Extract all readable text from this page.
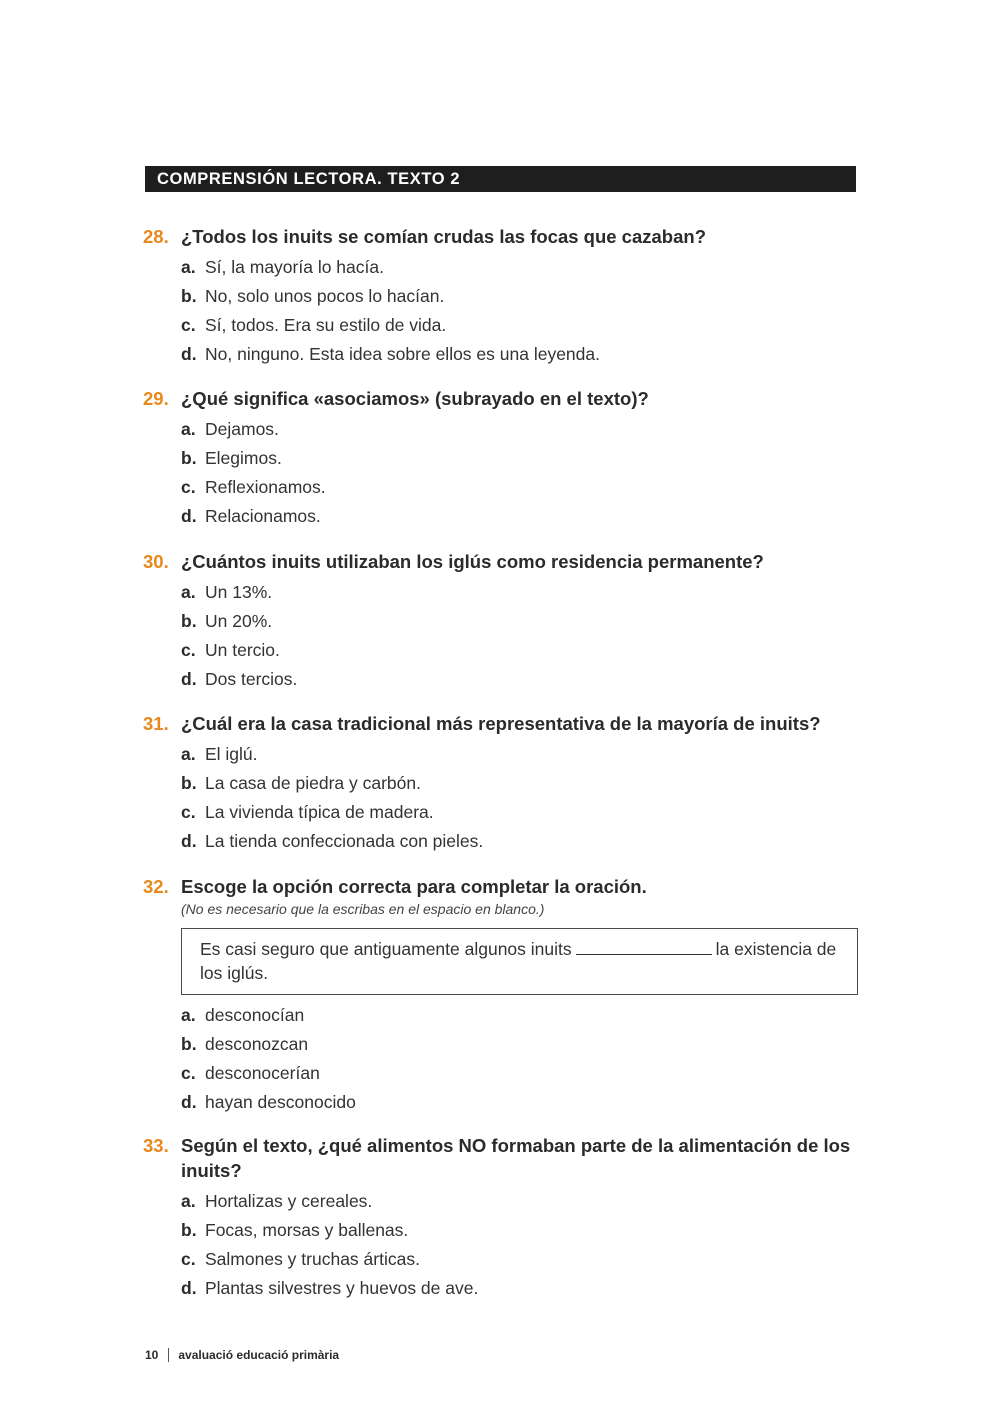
COMPRENSIÓN LECTORA. TEXTO 2
28. ¿Todos los inuits se comían crudas las focas que cazaban?
a. Sí, la mayoría lo hacía.
b. No, solo unos pocos lo hacían.
c. Sí, todos. Era su estilo de vida.
d. No, ninguno. Esta idea sobre ellos es una leyenda.
29. ¿Qué significa «asociamos» (subrayado en el texto)?
a. Dejamos.
b. Elegimos.
c. Reflexionamos.
d. Relacionamos.
30. ¿Cuántos inuits utilizaban los iglús como residencia permanente?
a. Un 13%.
b. Un 20%.
c. Un tercio.
d. Dos tercios.
31. ¿Cuál era la casa tradicional más representativa de la mayoría de inuits?
a. El iglú.
b. La casa de piedra y carbón.
c. La vivienda típica de madera.
d. La tienda confeccionada con pieles.
32. Escoge la opción correcta para completar la oración.
(No es necesario que la escribas en el espacio en blanco.)
Es casi seguro que antiguamente algunos inuits	la existencia de los iglús.
a. desconocían
b. desconozcan
c. desconocerían
d. hayan desconocido
33. Según el texto, ¿qué alimentos NO formaban parte de la alimentación de los inuits?
a. Hortalizas y cereales.
b. Focas, morsas y ballenas.
c. Salmones y truchas árticas.
d. Plantas silvestres y huevos de ave.
10 avaluació educació primària
